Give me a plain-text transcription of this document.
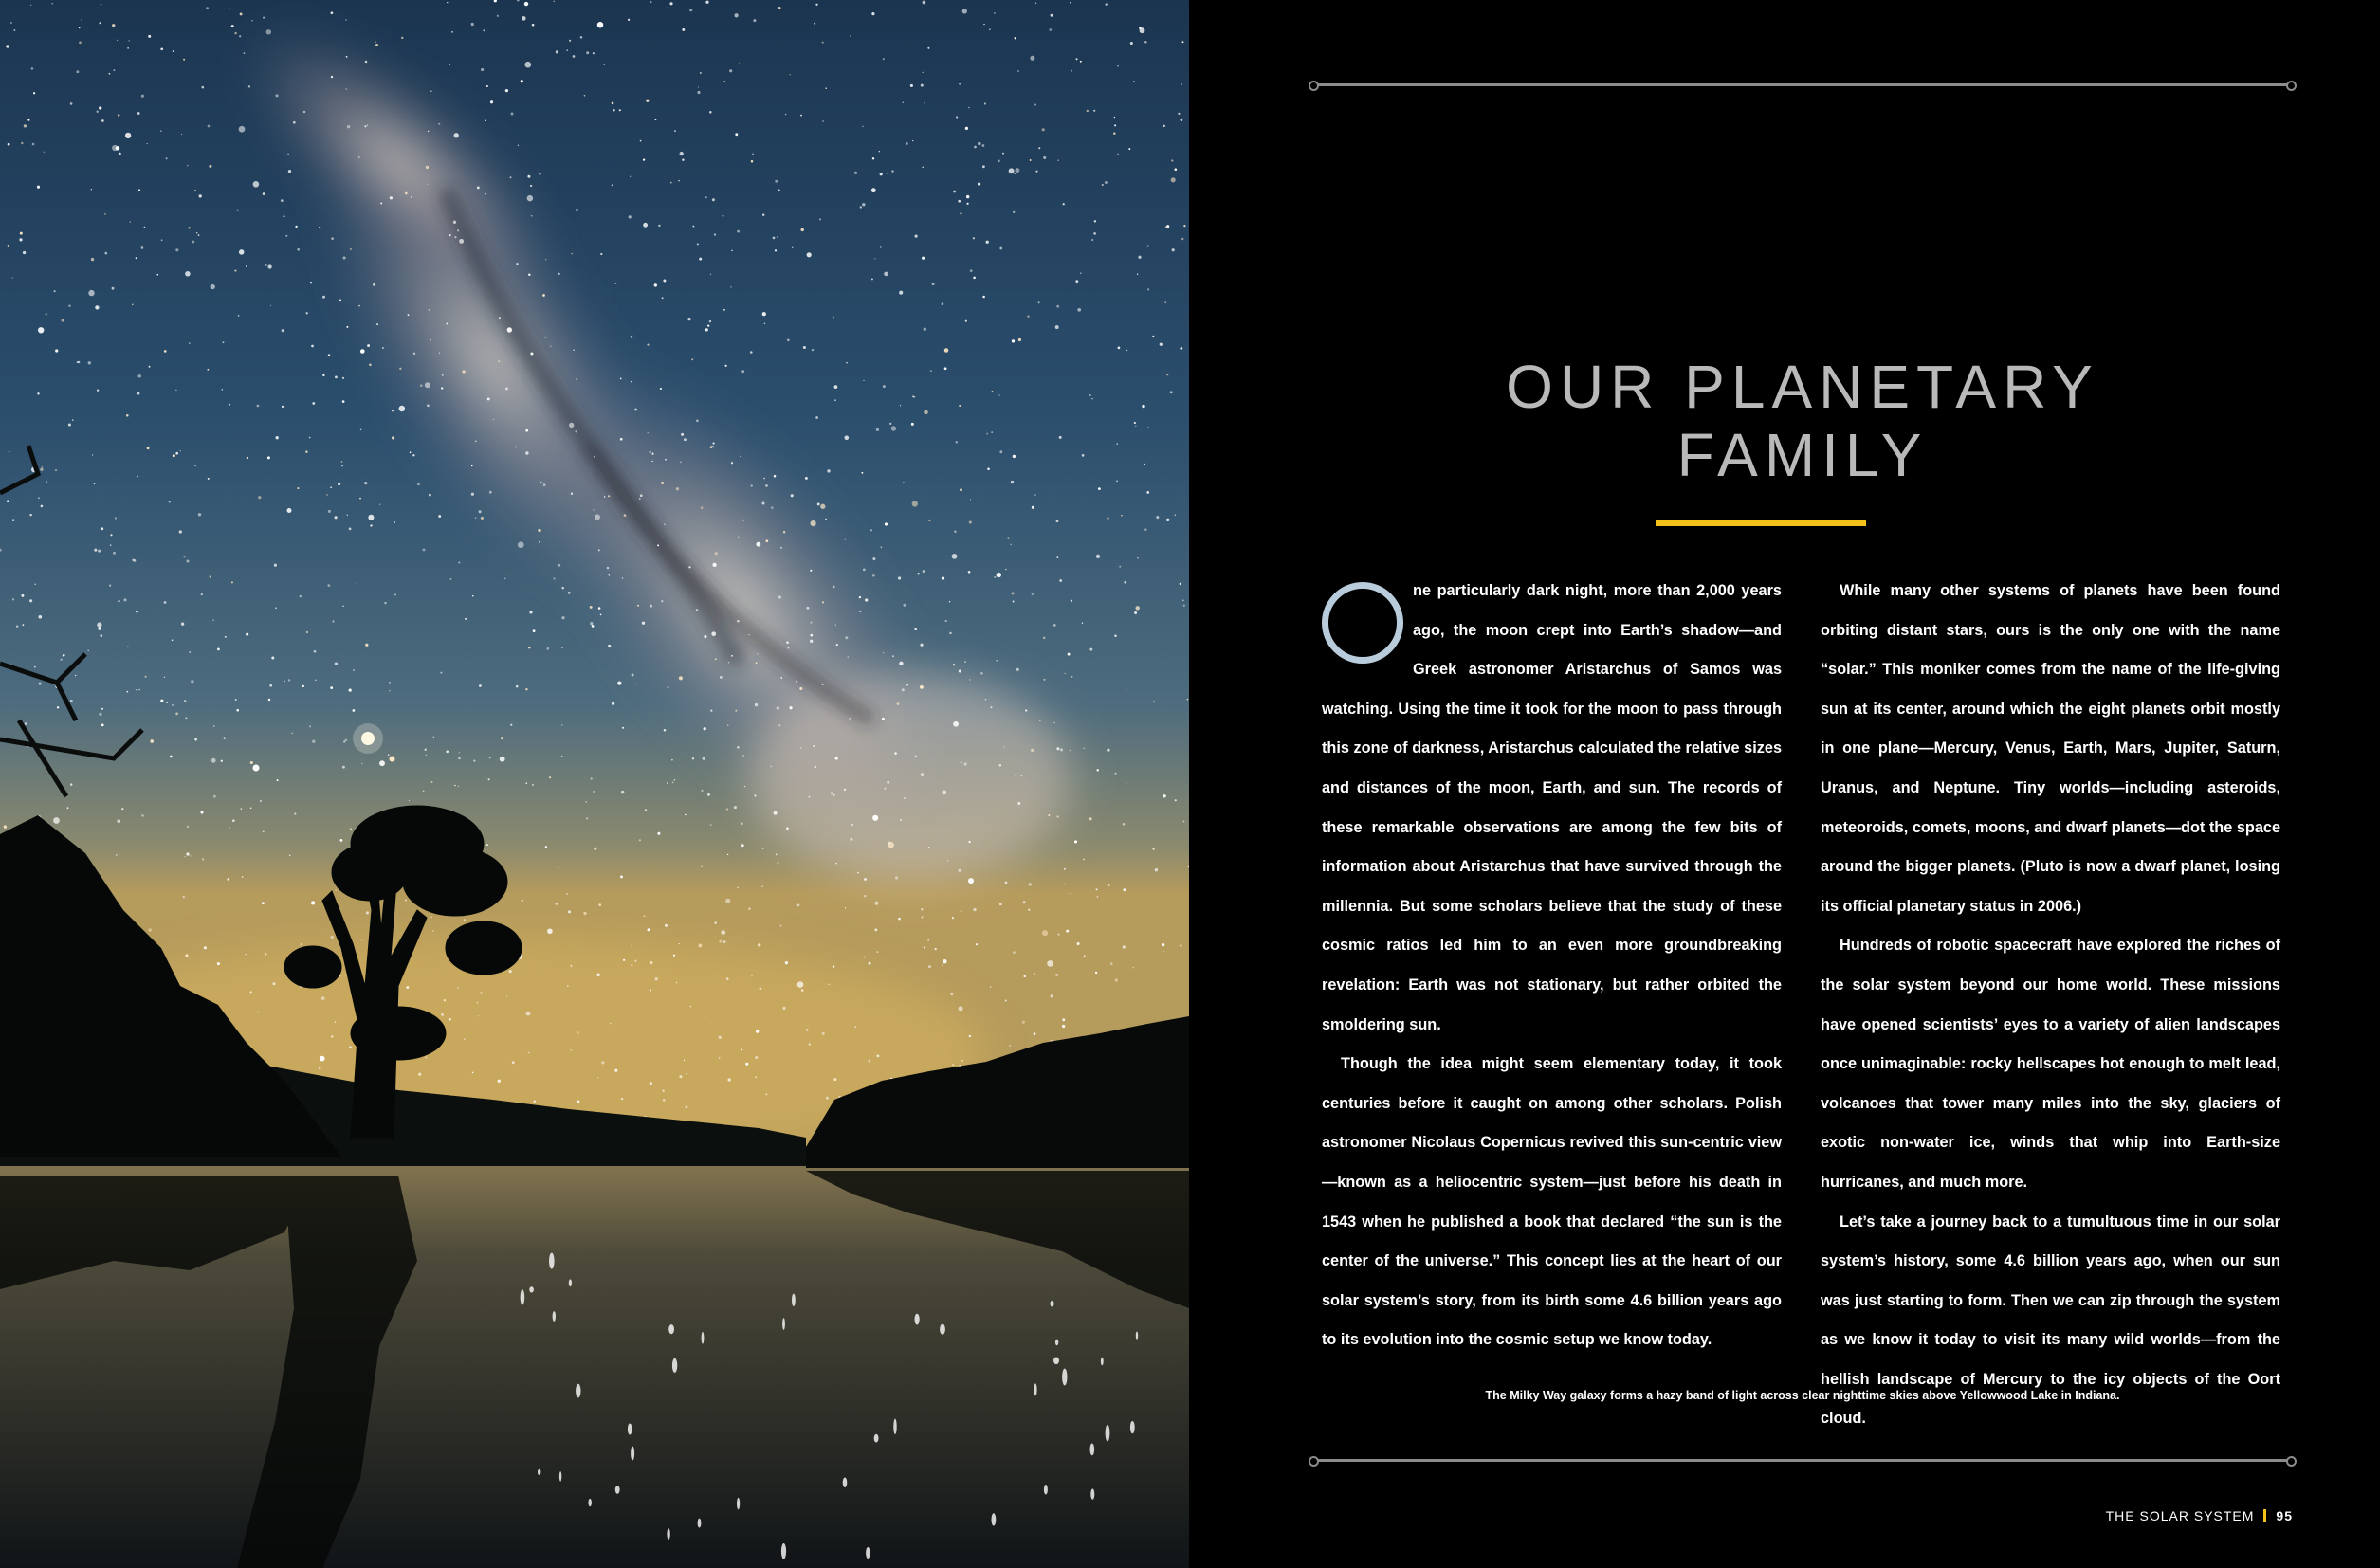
OUR PLANETARY
FAMILY

ne particularly dark night, more than 2,000 years ago, the moon crept into Earth’s shadow—and Greek astronomer Aristarchus of Samos was watching. Using the time it took for the moon to pass through this zone of darkness, Aristarchus calculated the relative sizes and distances of the moon, Earth, and sun. The records of these remarkable observations are among the few bits of information about Aristarchus that have survived through the millennia. But some scholars believe that the study of these cosmic ratios led him to an even more groundbreaking revelation: Earth was not stationary, but rather orbited the smoldering sun.

Though the idea might seem elementary today, it took centuries before it caught on among other scholars. Polish astronomer Nicolaus Copernicus revived this sun-centric view—known as a heliocentric system—just before his death in 1543 when he published a book that declared “the sun is the center of the universe.” This concept lies at the heart of our solar system’s story, from its birth some 4.6 billion years ago to its evolution into the cosmic setup we know today.

While many other systems of planets have been found orbiting distant stars, ours is the only one with the name “solar.” This moniker comes from the name of the life-giving sun at its center, around which the eight planets orbit mostly in one plane—Mercury, Venus, Earth, Mars, Jupiter, Saturn, Uranus, and Neptune. Tiny worlds—including asteroids, meteoroids, comets, moons, and dwarf planets—dot the space around the bigger planets. (Pluto is now a dwarf planet, losing its official planetary status in 2006.)

Hundreds of robotic spacecraft have explored the riches of the solar system beyond our home world. These missions have opened scientists’ eyes to a variety of alien landscapes once unimaginable: rocky hellscapes hot enough to melt lead, volcanoes that tower many miles into the sky, glaciers of exotic non-water ice, winds that whip into Earth-size hurricanes, and much more.

Let’s take a journey back to a tumultuous time in our solar system’s history, some 4.6 billion years ago, when our sun was just starting to form. Then we can zip through the system as we know it today to visit its many wild worlds—from the hellish landscape of Mercury to the icy objects of the Oort cloud.

The Milky Way galaxy forms a hazy band of light across clear nighttime skies above Yellowwood Lake in Indiana.
THE SOLAR SYSTEM 95
